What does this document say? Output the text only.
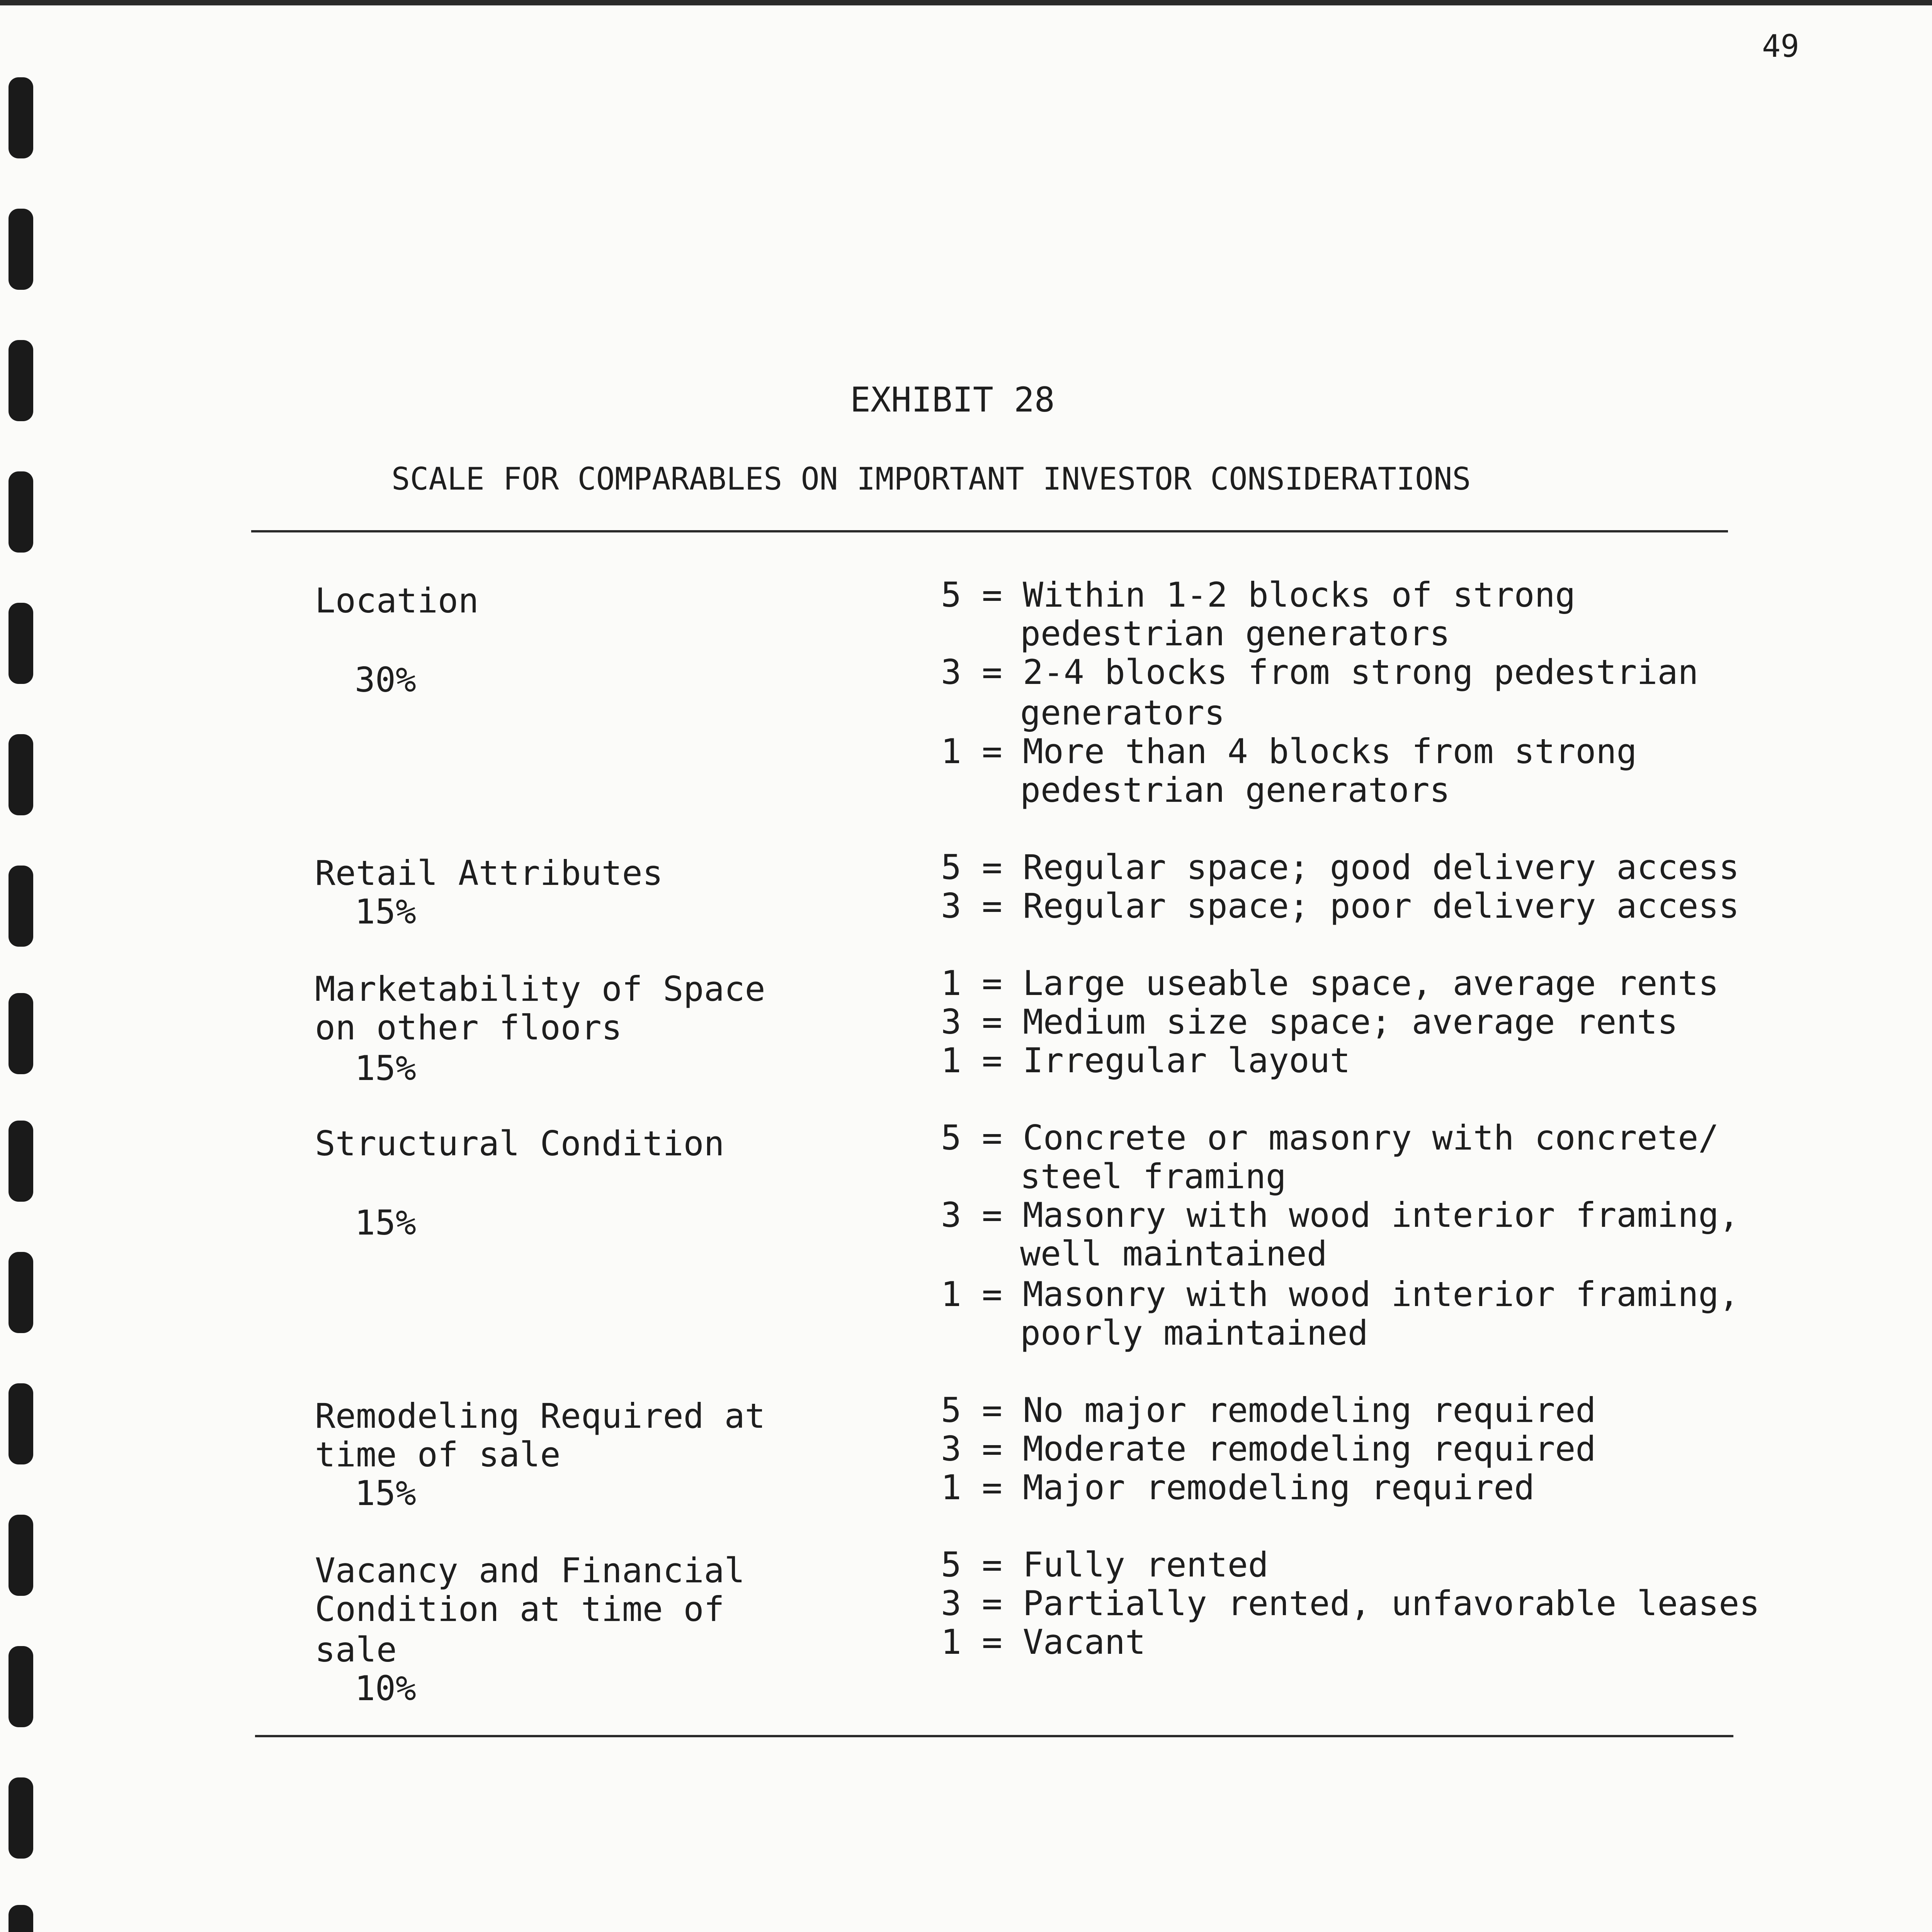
49
EXHIBIT 28
SCALE FOR COMPARABLES ON IMPORTANT INVESTOR CONSIDERATIONS
Location
30%
5 = Within 1-2 blocks of strong
pedestrian generators
3 = 2-4 blocks from strong pedestrian
generators
1 = More than 4 blocks from strong
pedestrian generators
Retail Attributes
15%
5 = Regular space; good delivery access
3 = Regular space; poor delivery access
Marketability of Space
on other floors
15%
1 = Large useable space, average rents
3 = Medium size space; average rents
1 = Irregular layout
Structural Condition
15%
5 = Concrete or masonry with concrete/
steel framing
3 = Masonry with wood interior framing,
well maintained
1 = Masonry with wood interior framing,
poorly maintained
Remodeling Required at
time of sale
15%
5 = No major remodeling required
3 = Moderate remodeling required
1 = Major remodeling required
Vacancy and Financial
Condition at time of
sale
10%
5 = Fully rented
3 = Partially rented, unfavorable leases
1 = Vacant
